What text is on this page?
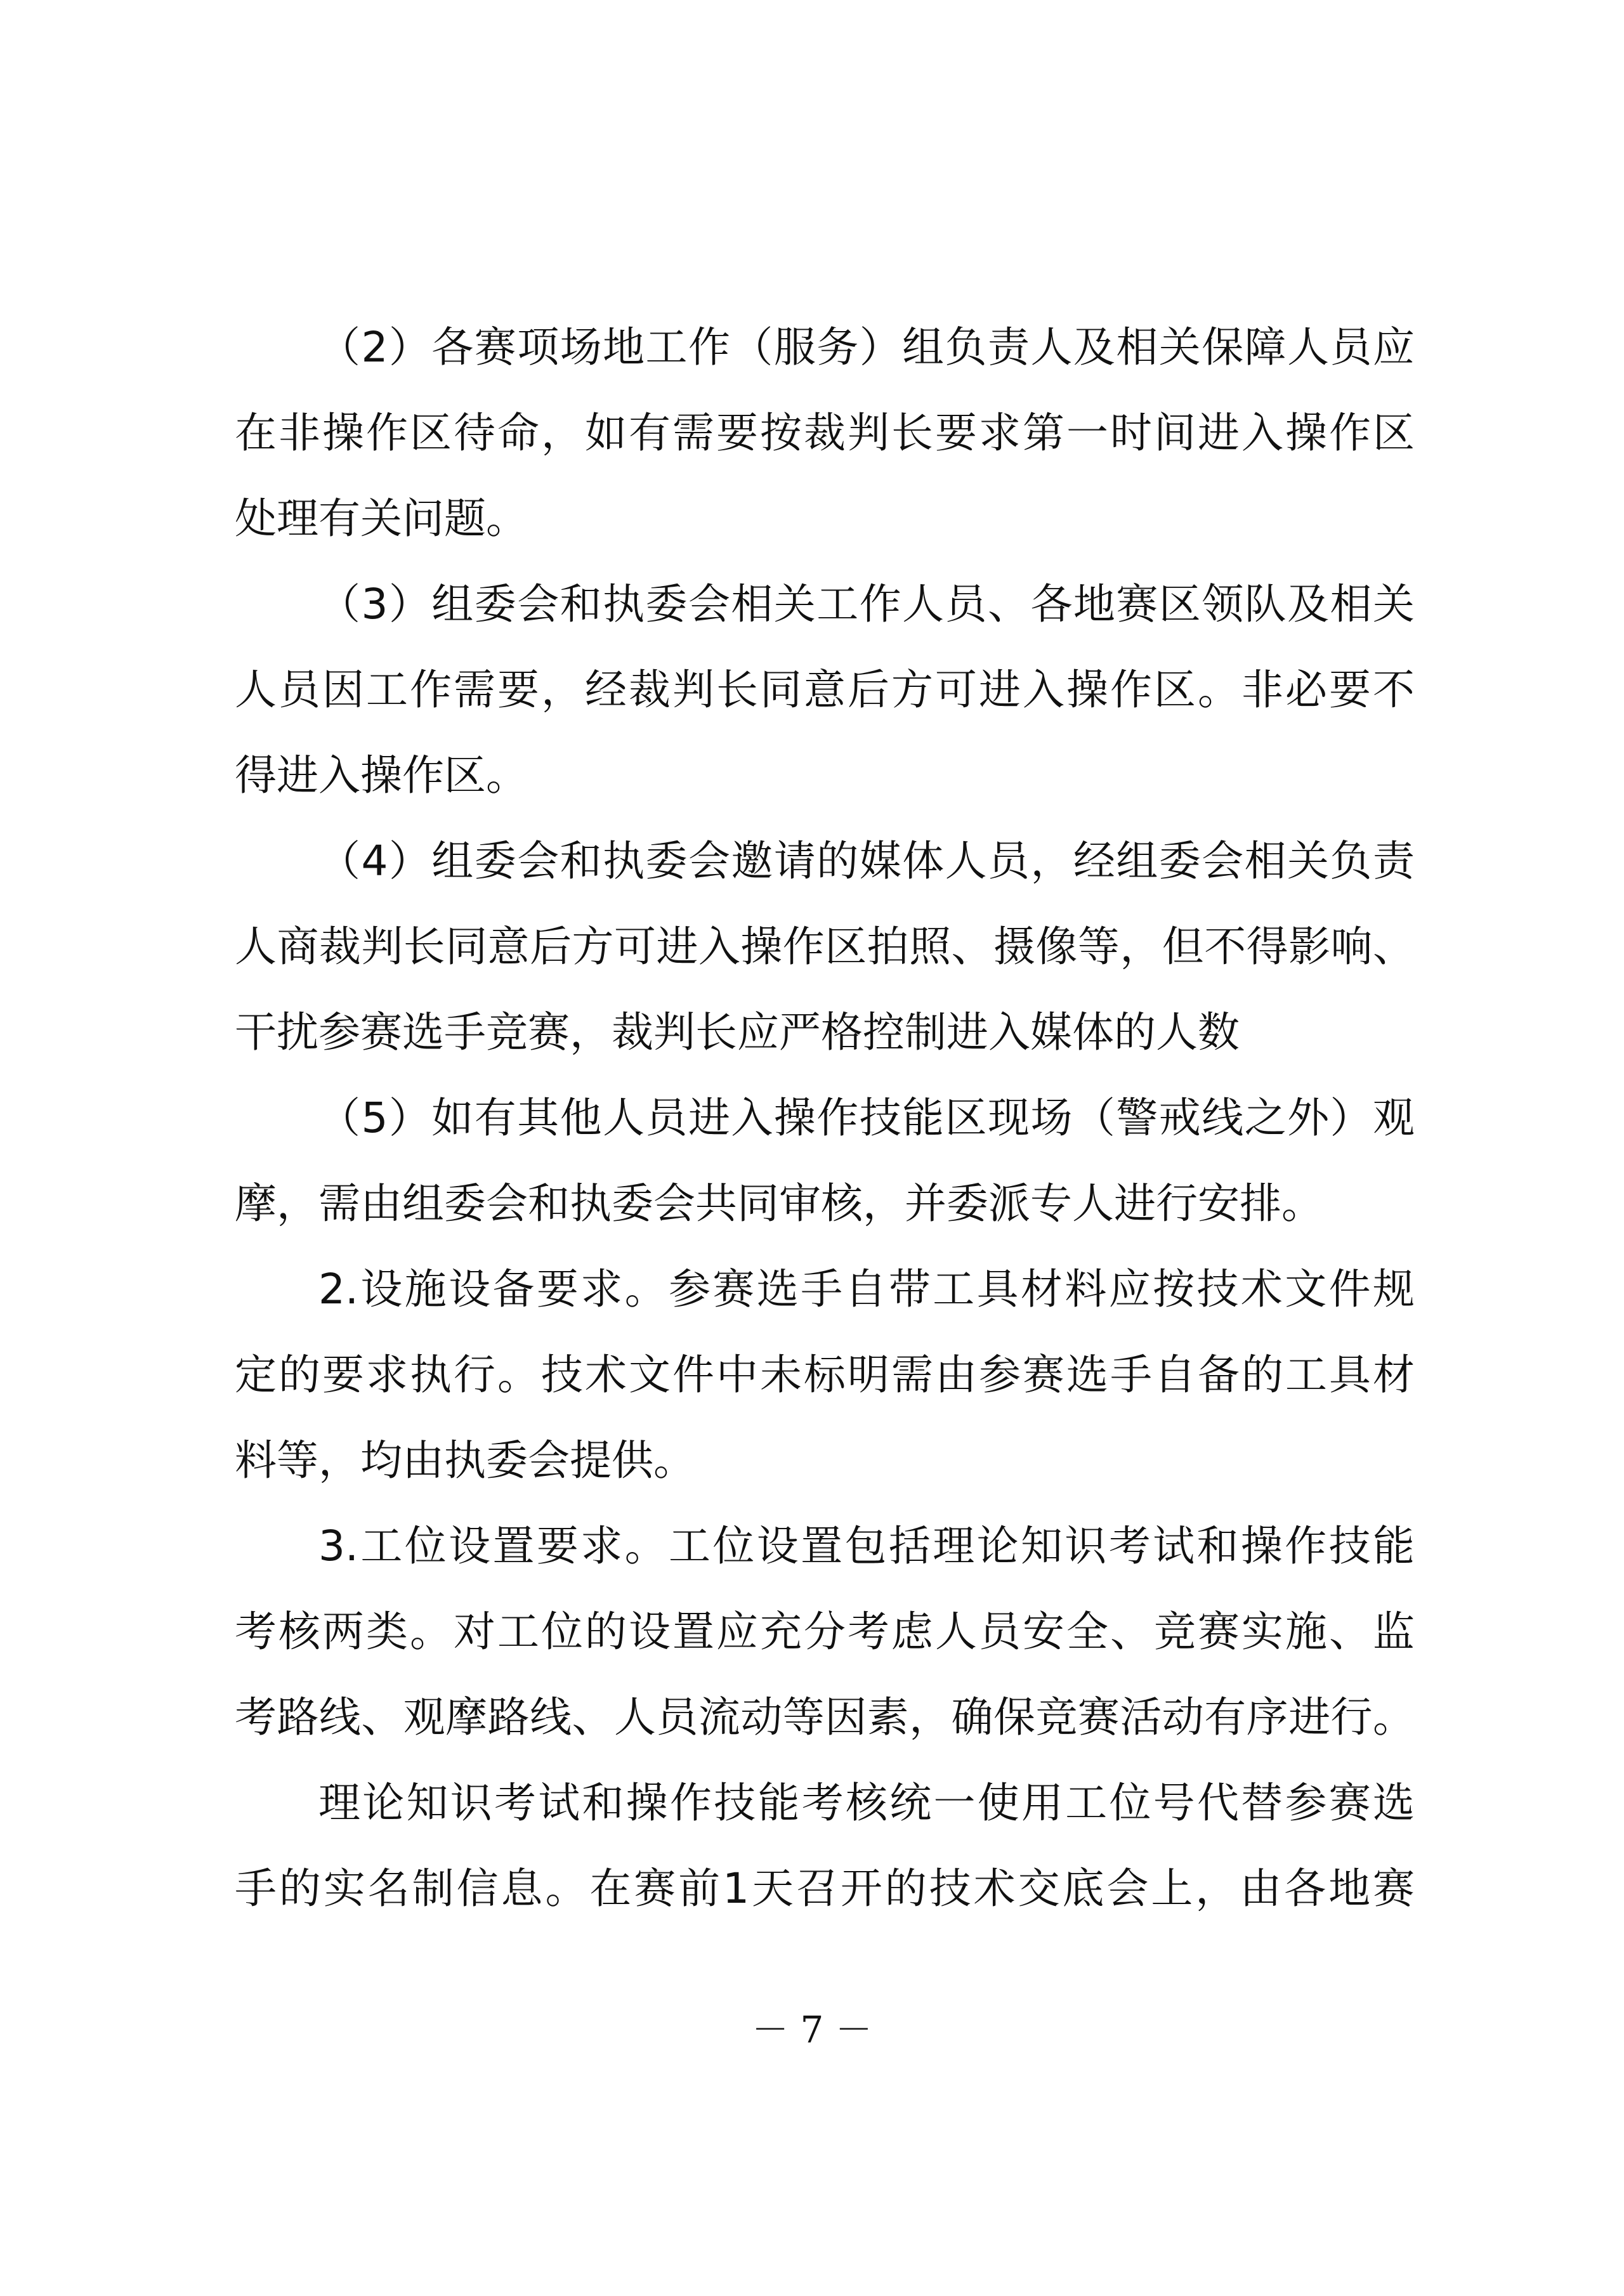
（2）各赛项场地工作（服务）组负责人及相关保障人员应
在非操作区待命，如有需要按裁判长要求第一时间进入操作区
处理有关问题。
（3）组委会和执委会相关工作人员、各地赛区领队及相关
人员因工作需要，经裁判长同意后方可进入操作区。非必要不
得进入操作区。
（4）组委会和执委会邀请的媒体人员，经组委会相关负责
人商裁判长同意后方可进入操作区拍照、摄像等，但不得影响、
干扰参赛选手竞赛，裁判长应严格控制进入媒体的人数
（5）如有其他人员进入操作技能区现场（警戒线之外）观
摩，需由组委会和执委会共同审核，并委派专人进行安排。
2.设施设备要求。参赛选手自带工具材料应按技术文件规
定的要求执行。技术文件中未标明需由参赛选手自备的工具材
料等，均由执委会提供。
3.工位设置要求。工位设置包括理论知识考试和操作技能
考核两类。对工位的设置应充分考虑人员安全、竞赛实施、监
考路线、观摩路线、人员流动等因素，确保竞赛活动有序进行。
理论知识考试和操作技能考核统一使用工位号代替参赛选
手的实名制信息。在赛前1天召开的技术交底会上，由各地赛
－ 7 －
